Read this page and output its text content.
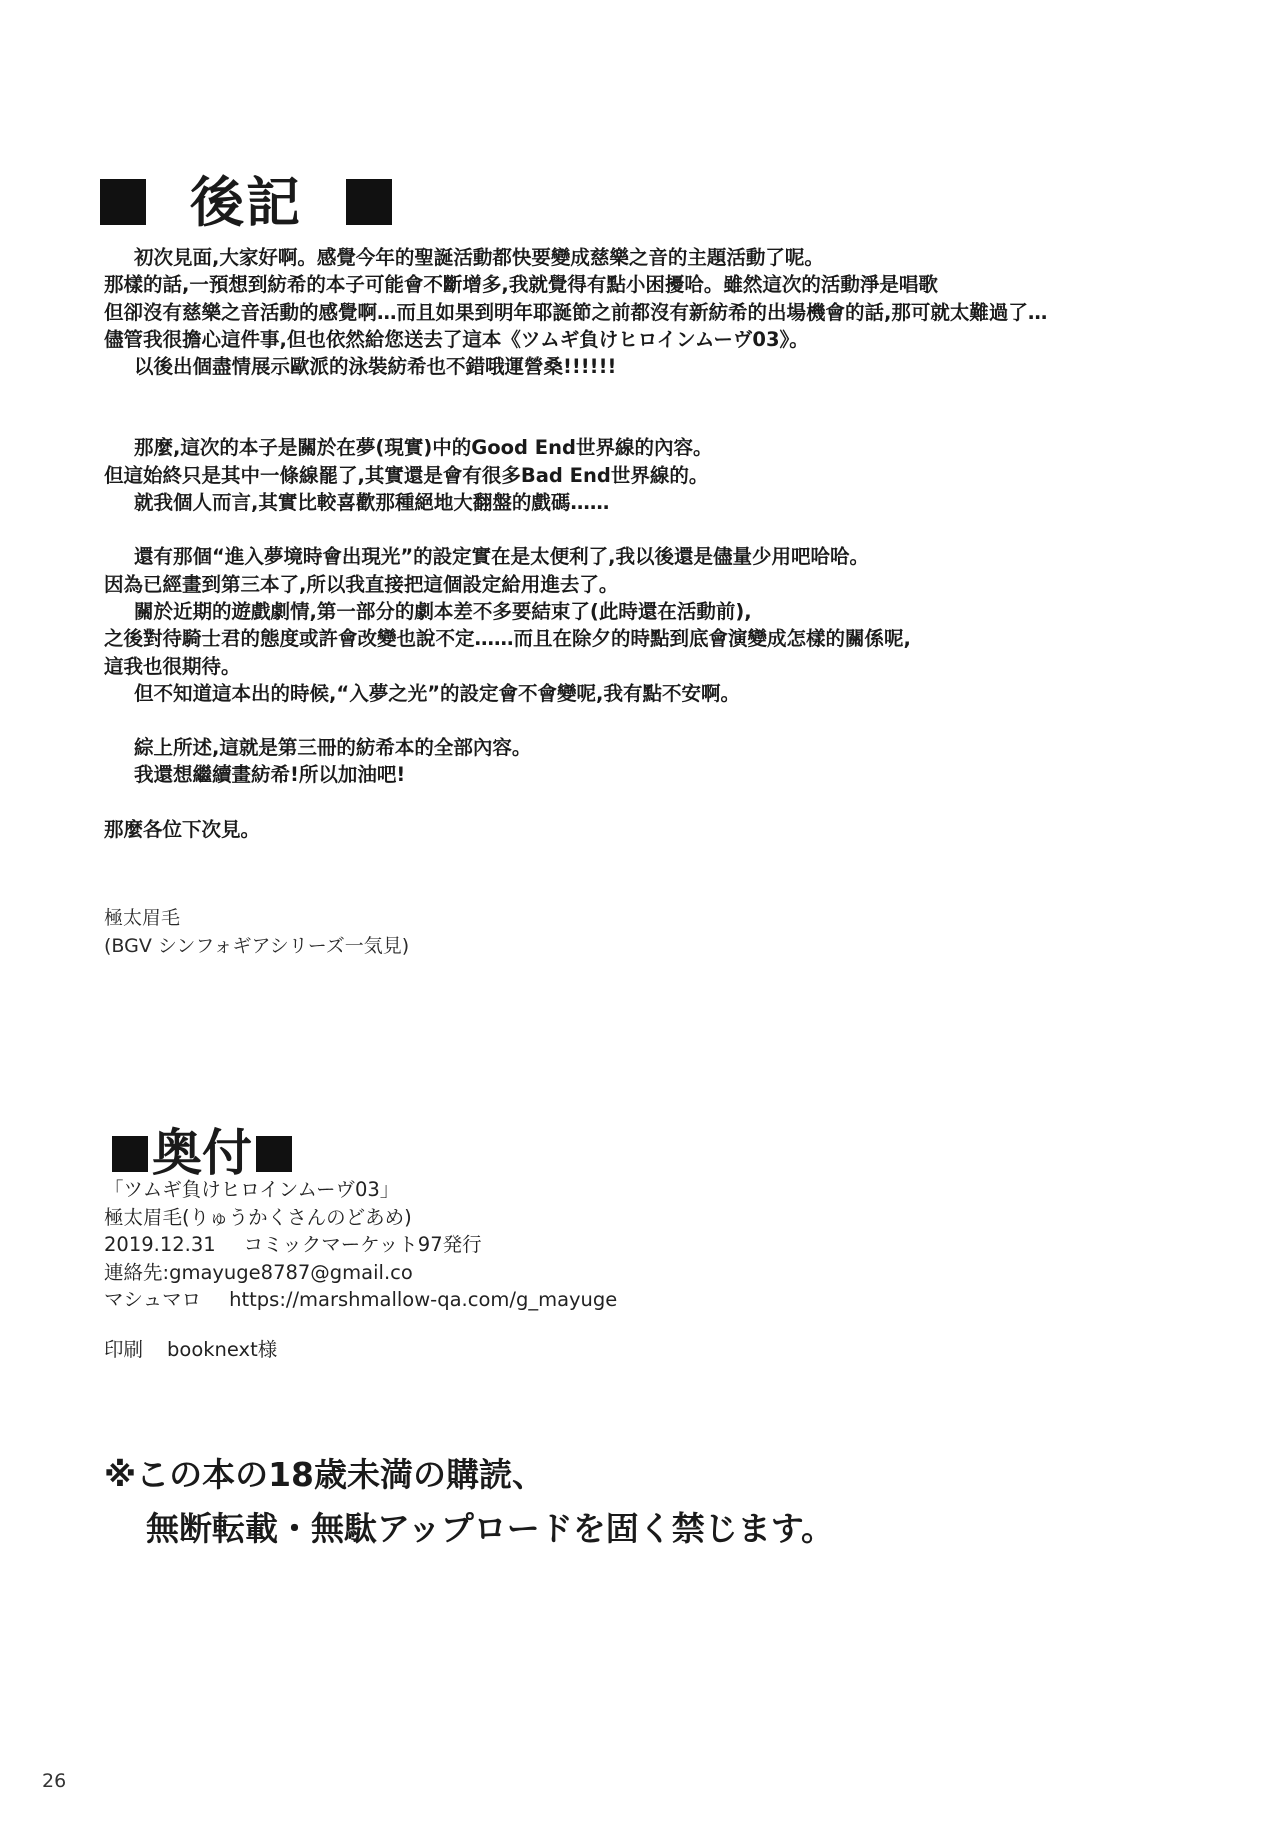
後記

初次見面,大家好啊。感覺今年的聖誕活動都快要變成慈樂之音的主題活動了呢。

那樣的話,一預想到紡希的本子可能會不斷增多,我就覺得有點小困擾哈。雖然這次的活動淨是唱歌

但卻沒有慈樂之音活動的感覺啊…而且如果到明年耶誕節之前都沒有新紡希的出場機會的話,那可就太難過了…

儘管我很擔心這件事,但也依然給您送去了這本《ツムギ負けヒロインムーヴ03》。

以後出個盡情展示歐派的泳裝紡希也不錯哦運營桑!!!!!!

那麼,這次的本子是關於在夢(現實)中的Good End世界線的內容。

但這始終只是其中一條線罷了,其實還是會有很多Bad End世界線的。

就我個人而言,其實比較喜歡那種絕地大翻盤的戲碼……

還有那個“進入夢境時會出現光”的設定實在是太便利了,我以後還是儘量少用吧哈哈。

因為已經畫到第三本了,所以我直接把這個設定給用進去了。

關於近期的遊戲劇情,第一部分的劇本差不多要結束了(此時還在活動前),

之後對待騎士君的態度或許會改變也說不定……而且在除夕的時點到底會演變成怎樣的關係呢,

這我也很期待。

但不知道這本出的時候,“入夢之光”的設定會不會變呢,我有點不安啊。

綜上所述,這就是第三冊的紡希本的全部內容。

我還想繼續畫紡希!所以加油吧!

那麼各位下次見。

極太眉毛

(BGV シンフォギアシリーズ一気見)

奥付

「ツムギ負けヒロインムーヴ03」

極太眉毛(りゅうかくさんのどあめ)

2019.12.31 コミックマーケット97発行

連絡先:gmayuge8787@gmail.co

マシュマロ https://marshmallow-qa.com/g_mayuge

印刷 booknext様

※この本の18歳未満の購読、

無断転載・無駄アップロードを固く禁じます。

26
